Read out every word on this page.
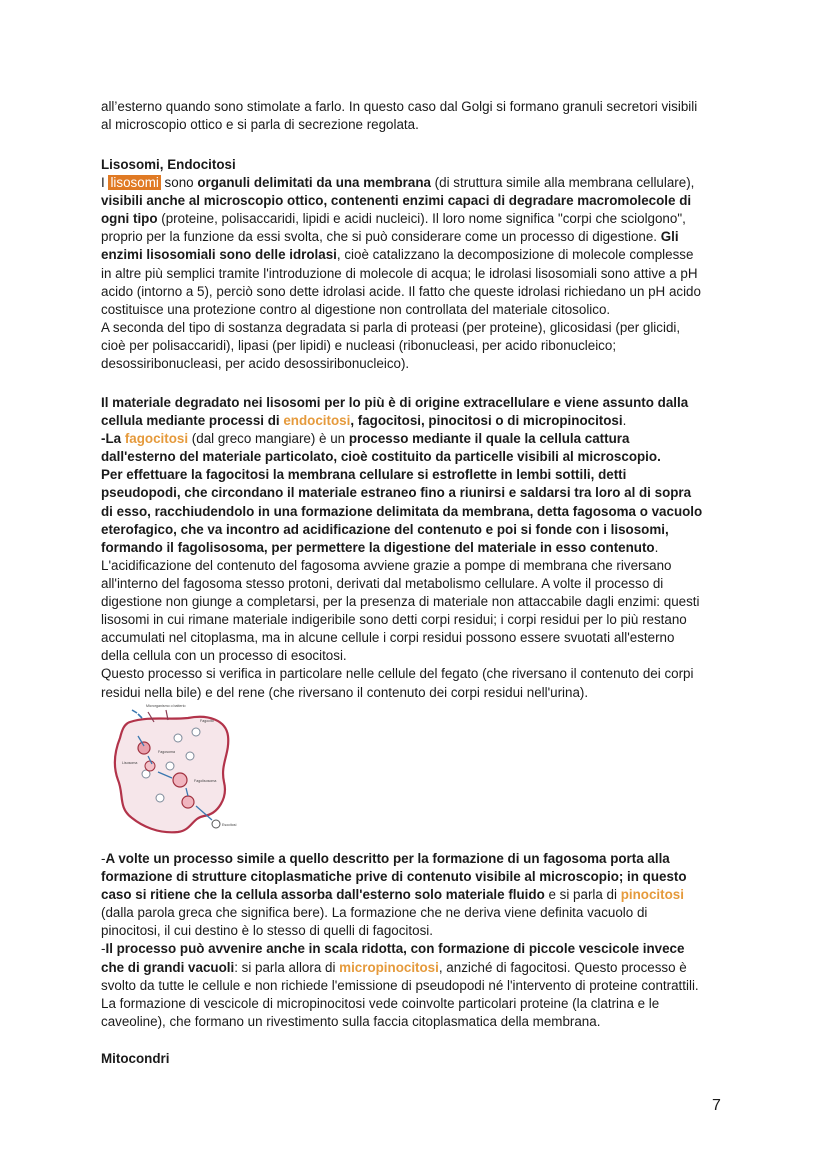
all’esterno quando sono stimolate a farlo. In questo caso dal Golgi si formano granuli secretori visibili

al microscopio ottico e si parla di secrezione regolata.

Lisosomi, Endocitosi

I lisosomi sono organuli delimitati da una membrana (di struttura simile alla membrana cellulare),

visibili anche al microscopio ottico, contenenti enzimi capaci di degradare macromolecole di

ogni tipo (proteine, polisaccaridi, lipidi e acidi nucleici). Il loro nome significa "corpi che sciolgono",

proprio per la funzione da essi svolta, che si può considerare come un processo di digestione. Gli

enzimi lisosomiali sono delle idrolasi, cioè catalizzano la decomposizione di molecole complesse

in altre più semplici tramite l'introduzione di molecole di acqua; le idrolasi lisosomiali sono attive a pH

acido (intorno a 5), perciò sono dette idrolasi acide. Il fatto che queste idrolasi richiedano un pH acido

costituisce una protezione contro al digestione non controllata del materiale citosolico.

A seconda del tipo di sostanza degradata si parla di proteasi (per proteine), glicosidasi (per glicidi,

cioè per polisaccaridi), lipasi (per lipidi) e nucleasi (ribonucleasi, per acido ribonucleico;

desossiribonucleasi, per acido desossiribonucleico).

Il materiale degradato nei lisosomi per lo più è di origine extracellulare e viene assunto dalla

cellula mediante processi di endocitosi, fagocitosi, pinocitosi o di micropinocitosi.

-La fagocitosi (dal greco mangiare) è un processo mediante il quale la cellula cattura

dall'esterno del materiale particolato, cioè costituito da particelle visibili al microscopio.

Per effettuare la fagocitosi la membrana cellulare si estroflette in lembi sottili, detti

pseudopodi, che circondano il materiale estraneo fino a riunirsi e saldarsi tra loro al di sopra

di esso, racchiudendolo in una formazione delimitata da membrana, detta fagosoma o vacuolo

eterofagico, che va incontro ad acidificazione del contenuto e poi si fonde con i lisosomi,

formando il fagolisosoma, per permettere la digestione del materiale in esso contenuto.

L'acidificazione del contenuto del fagosoma avviene grazie a pompe di membrana che riversano

all'interno del fagosoma stesso protoni, derivati dal metabolismo cellulare. A volte il processo di

digestione non giunge a completarsi, per la presenza di materiale non attaccabile dagli enzimi: questi

lisosomi in cui rimane materiale indigeribile sono detti corpi residui; i corpi residui per lo più restano

accumulati nel citoplasma, ma in alcune cellule i corpi residui possono essere svuotati all'esterno

della cellula con un processo di esocitosi.

Questo processo si verifica in particolare nelle cellule del fegato (che riversano il contenuto dei corpi

residui nella bile) e del rene (che riversano il contenuto dei corpi residui nell'urina).

Microrganismo o batterio
Fagocito
Fagosoma
Lisosoma
Fagolisosoma
Esocitosi

-A volte un processo simile a quello descritto per la formazione di un fagosoma porta alla

formazione di strutture citoplasmatiche prive di contenuto visibile al microscopio; in questo

caso si ritiene che la cellula assorba dall'esterno solo materiale fluido e si parla di pinocitosi

(dalla parola greca che significa bere). La formazione che ne deriva viene definita vacuolo di

pinocitosi, il cui destino è lo stesso di quelli di fagocitosi.

-Il processo può avvenire anche in scala ridotta, con formazione di piccole vescicole invece

che di grandi vacuoli: si parla allora di micropinocitosi, anziché di fagocitosi. Questo processo è

svolto da tutte le cellule e non richiede l'emissione di pseudopodi né l'intervento di proteine contrattili.

La formazione di vescicole di micropinocitosi vede coinvolte particolari proteine (la clatrina e le

caveoline), che formano un rivestimento sulla faccia citoplasmatica della membrana.

Mitocondri

7
